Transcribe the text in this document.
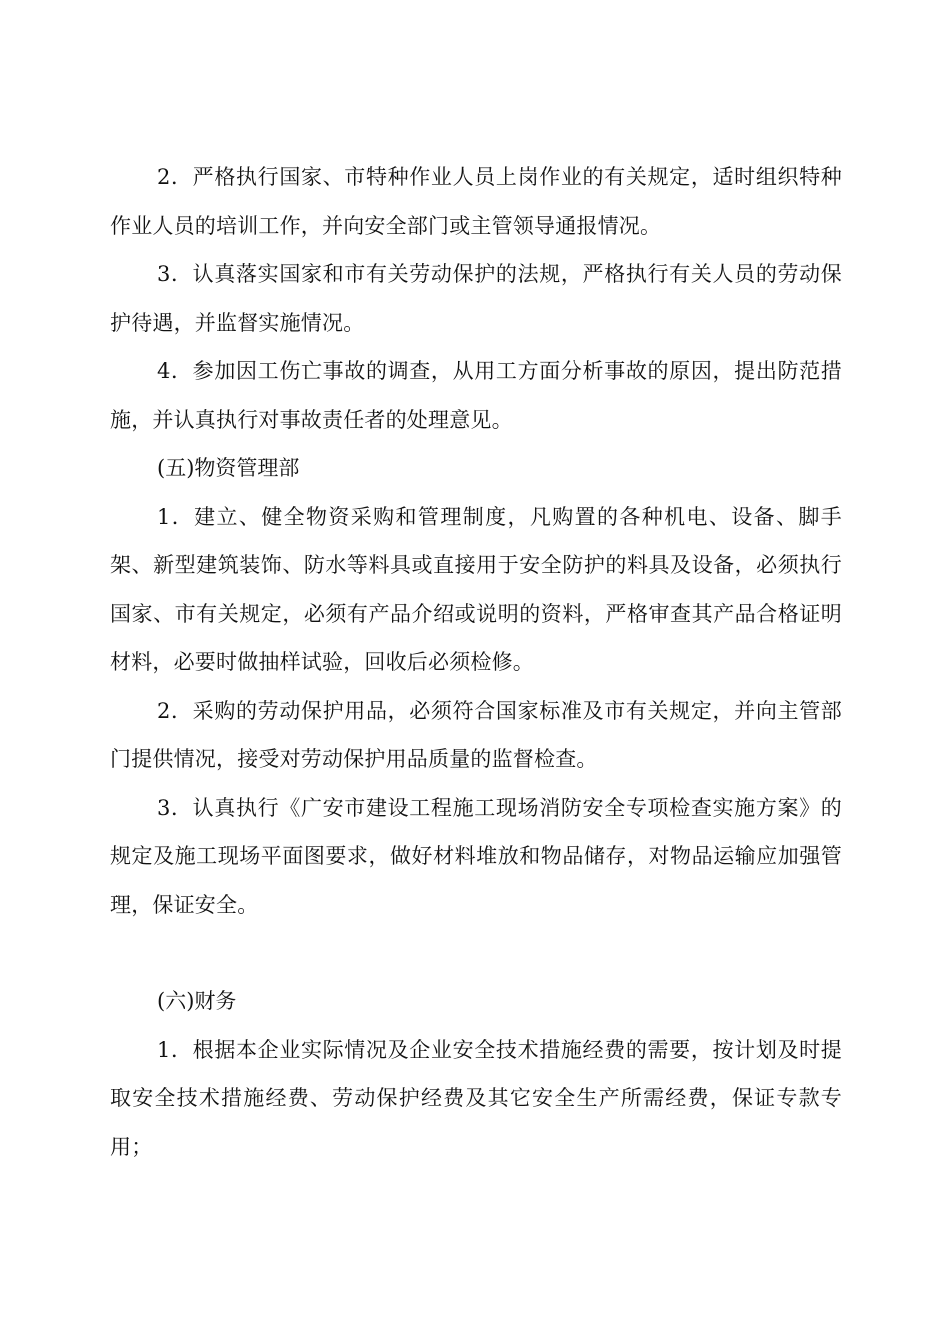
2．严格执行国家、市特种作业人员上岗作业的有关规定，适时组织特种作业人员的培训工作，并向安全部门或主管领导通报情况。

3．认真落实国家和市有关劳动保护的法规，严格执行有关人员的劳动保护待遇，并监督实施情况。

4．参加因工伤亡事故的调查，从用工方面分析事故的原因，提出防范措施，并认真执行对事故责任者的处理意见。

(五)物资管理部

1．建立、健全物资采购和管理制度，凡购置的各种机电、设备、脚手架、新型建筑装饰、防水等料具或直接用于安全防护的料具及设备，必须执行国家、市有关规定，必须有产品介绍或说明的资料，严格审查其产品合格证明材料，必要时做抽样试验，回收后必须检修。

2．采购的劳动保护用品，必须符合国家标准及市有关规定，并向主管部门提供情况，接受对劳动保护用品质量的监督检查。

3．认真执行《广安市建设工程施工现场消防安全专项检查实施方案》的规定及施工现场平面图要求，做好材料堆放和物品储存，对物品运输应加强管理，保证安全。

(六)财务

1．根据本企业实际情况及企业安全技术措施经费的需要，按计划及时提取安全技术措施经费、劳动保护经费及其它安全生产所需经费，保证专款专用；
